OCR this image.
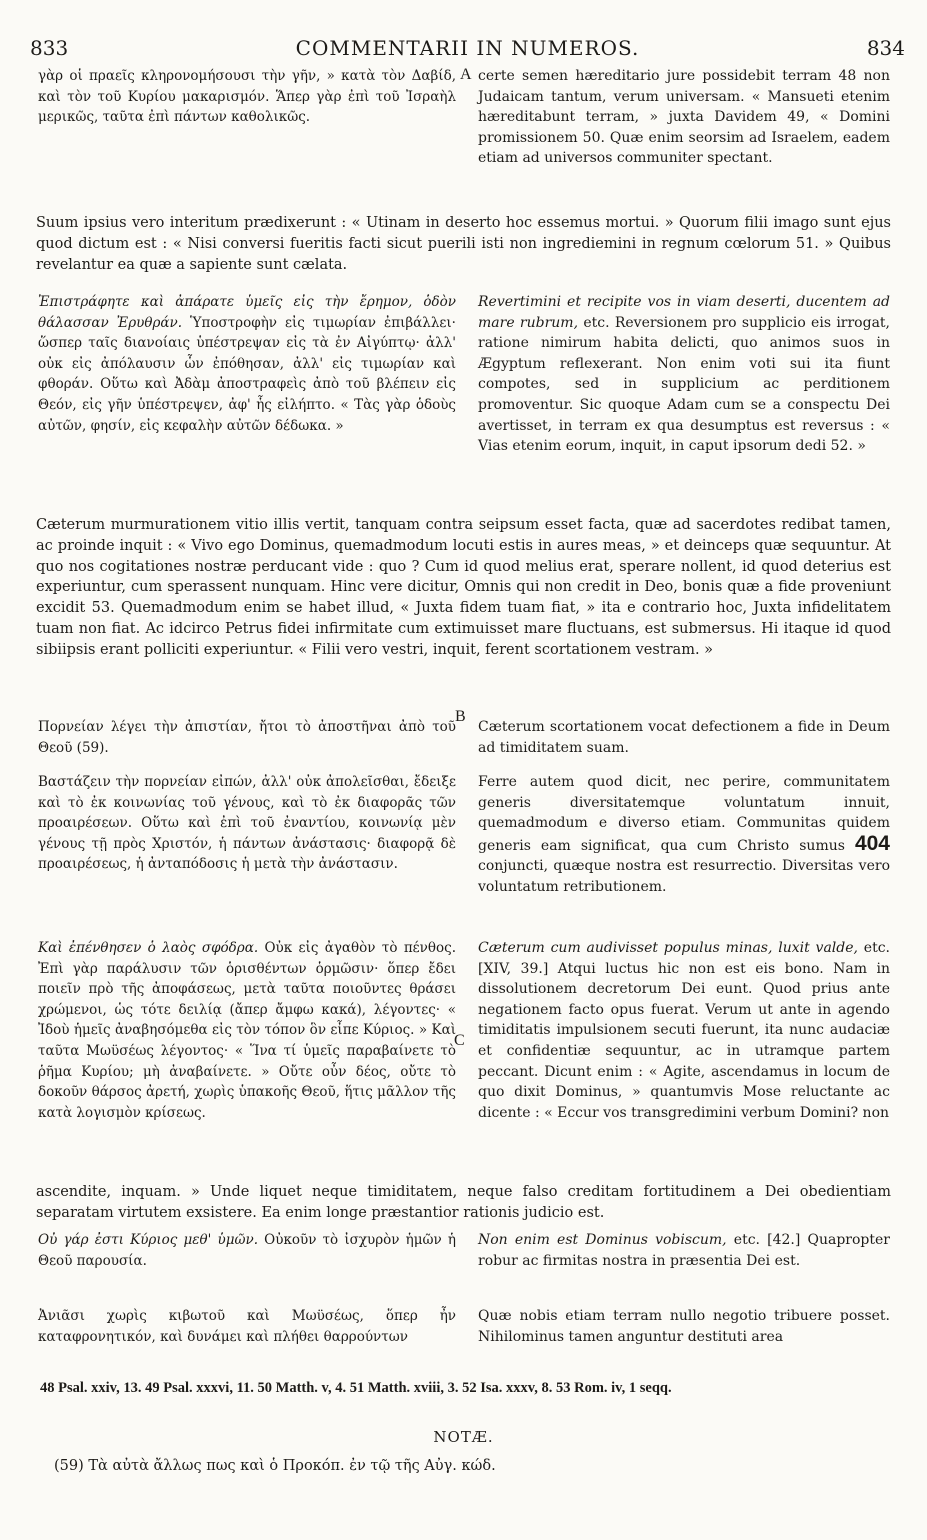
833	COMMENTARII IN NUMEROS.	834
A
B
C
γὰρ οἱ πραεῖς κληρονομήσουσι τὴν γῆν, » κατὰ τὸν Δαβίδ, καὶ τὸν τοῦ Κυρίου μακαρισμόν. Ἅπερ γὰρ ἐπὶ τοῦ Ἰσραὴλ μερικῶς, ταῦτα ἐπὶ πάντων καθολικῶς.
certe semen hæreditario jure possidebit terram 48 non Judaicam tantum, verum universam. « Mansueti etenim hæreditabunt terram, » juxta Davidem 49, « Domini promissionem 50. Quæ enim seorsim ad Israelem, eadem etiam ad universos communiter spectant.
Suum ipsius vero interitum prædixerunt : « Utinam in deserto hoc essemus mortui. » Quorum filii imago sunt ejus quod dictum est : « Nisi conversi fueritis facti sicut puerili isti non ingrediemini in regnum cœlorum 51. » Quibus revelantur ea quæ a sapiente sunt cælata.
Ἐπιστράφητε καὶ ἀπάρατε ὑμεῖς εἰς τὴν ἔρημον, ὁδὸν θάλασσαν Ἐρυθράν. Ὑποστροφὴν εἰς τιμωρίαν ἐπιβάλλει· ὥσπερ ταῖς διανοίαις ὑπέστρεψαν εἰς τὰ ἐν Αἰγύπτῳ· ἀλλ' οὐκ εἰς ἀπόλαυσιν ὧν ἐπόθησαν, ἀλλ' εἰς τιμωρίαν καὶ φθοράν. Οὕτω καὶ Ἀδὰμ ἀποστραφεὶς ἀπὸ τοῦ βλέπειν εἰς Θεόν, εἰς γῆν ὑπέστρεψεν, ἀφ' ἧς εἰλήπτο. « Τὰς γὰρ ὁδοὺς αὐτῶν, φησίν, εἰς κεφαλὴν αὐτῶν δέδωκα. »
Revertimini et recipite vos in viam deserti, ducentem ad mare rubrum, etc. Reversionem pro supplicio eis irrogat, ratione nimirum habita delicti, quo animos suos in Ægyptum reflexerant. Non enim voti sui ita fiunt compotes, sed in supplicium ac perditionem promoventur. Sic quoque Adam cum se a conspectu Dei avertisset, in terram ex qua desumptus est reversus : « Vias etenim eorum, inquit, in caput ipsorum dedi 52. »
Cæterum murmurationem vitio illis vertit, tanquam contra seipsum esset facta, quæ ad sacerdotes redibat tamen, ac proinde inquit : « Vivo ego Dominus, quemadmodum locuti estis in aures meas, » et deinceps quæ sequuntur. At quo nos cogitationes nostræ perducant vide : quo ? Cum id quod melius erat, sperare nollent, id quod deterius est experiuntur, cum sperassent nunquam. Hinc vere dicitur, Omnis qui non credit in Deo, bonis quæ a fide proveniunt excidit 53. Quemadmodum enim se habet illud, « Juxta fidem tuam fiat, » ita e contrario hoc, Juxta infidelitatem tuam non fiat. Ac idcirco Petrus fidei infirmitate cum extimuisset mare fluctuans, est submersus. Hi itaque id quod sibiipsis erant polliciti experiuntur. « Filii vero vestri, inquit, ferent scortationem vestram. »
Πορνείαν λέγει τὴν ἀπιστίαν, ἤτοι τὸ ἀποστῆναι ἀπὸ τοῦ Θεοῦ (59).
Cæterum scortationem vocat defectionem a fide in Deum ad timiditatem suam.
Βαστάζειν τὴν πορνείαν εἰπών, ἀλλ' οὐκ ἀπολεῖσθαι, ἔδειξε καὶ τὸ ἐκ κοινωνίας τοῦ γένους, καὶ τὸ ἐκ διαφορᾶς τῶν προαιρέσεων. Οὕτω καὶ ἐπὶ τοῦ ἐναντίου, κοινωνίᾳ μὲν γένους τῇ πρὸς Χριστόν, ἡ πάντων ἀνάστασις· διαφορᾷ δὲ προαιρέσεως, ἡ ἀνταπόδοσις ἡ μετὰ τὴν ἀνάστασιν.
Ferre autem quod dicit, nec perire, communitatem generis diversitatemque voluntatum innuit, quemadmodum e diverso etiam. Communitas quidem generis eam significat, qua cum Christo sumus 404 conjuncti, quæque nostra est resurrectio. Diversitas vero voluntatum retributionem.
Καὶ ἐπένθησεν ὁ λαὸς σφόδρα. Οὐκ εἰς ἀγαθὸν τὸ πένθος. Ἐπὶ γὰρ παράλυσιν τῶν ὁρισθέντων ὁρμῶσιν· ὅπερ ἔδει ποιεῖν πρὸ τῆς ἀποφάσεως, μετὰ ταῦτα ποιοῦντες θράσει χρώμενοι, ὡς τότε δειλίᾳ (ἄπερ ἄμφω κακά), λέγοντες· « Ἰδοὺ ἡμεῖς ἀναβησόμεθα εἰς τὸν τόπον ὃν εἶπε Κύριος. » Καὶ ταῦτα Μωϋσέως λέγοντος· « Ἵνα τί ὑμεῖς παραβαίνετε τὸ ῥῆμα Κυρίου; μὴ ἀναβαίνετε. » Οὔτε οὖν δέος, οὔτε τὸ δοκοῦν θάρσος ἀρετή, χωρὶς ὑπακοῆς Θεοῦ, ἥτις μᾶλλον τῆς κατὰ λογισμὸν κρίσεως.
Cæterum cum audivisset populus minas, luxit valde, etc. [XIV, 39.] Atqui luctus hic non est eis bono. Nam in dissolutionem decretorum Dei eunt. Quod prius ante negationem facto opus fuerat. Verum ut ante in agendo timiditatis impulsionem secuti fuerunt, ita nunc audaciæ et confidentiæ sequuntur, ac in utramque partem peccant. Dicunt enim : « Agite, ascendamus in locum de quo dixit Dominus, » quantumvis Mose reluctante ac dicente : « Eccur vos transgredimini verbum Domini? non
ascendite, inquam. » Unde liquet neque timiditatem, neque falso creditam fortitudinem a Dei obedientiam separatam virtutem exsistere. Ea enim longe præstantior rationis judicio est.
Οὐ γάρ ἐστι Κύριος μεθ' ὑμῶν. Οὐκοῦν τὸ ἰσχυρὸν ἡμῶν ἡ Θεοῦ παρουσία.
Non enim est Dominus vobiscum, etc. [42.] Quapropter robur ac firmitas nostra in præsentia Dei est.
Ἀνιᾶσι χωρὶς κιβωτοῦ καὶ Μωϋσέως, ὅπερ ἦν καταφρονητικόν, καὶ δυνάμει καὶ πλήθει θαρρούντων
Quæ nobis etiam terram nullo negotio tribuere posset. Nihilominus tamen anguntur destituti area
48 Psal. xxiv, 13. 49 Psal. xxxvi, 11. 50 Matth. v, 4. 51 Matth. xviii, 3. 52 Isa. xxxv, 8. 53 Rom. iv, 1 seqq.
NOTÆ.
(59) Τὰ αὐτὰ ἄλλως πως καὶ ὁ Προκόπ. ἐν τῷ τῆς Αὐγ. κώδ.
